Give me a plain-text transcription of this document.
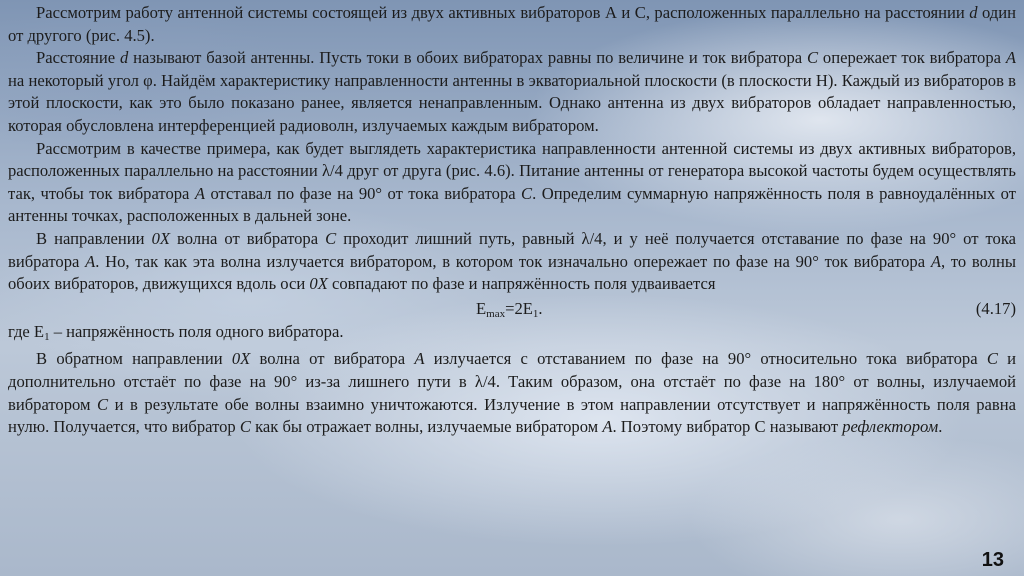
Рассмотрим работу антенной системы состоящей из двух активных вибраторов А и С, расположенных параллельно на расстоянии d один от другого (рис. 4.5).

Расстояние d называют базой антенны. Пусть токи в обоих вибраторах равны по величине и ток вибратора С опережает ток вибратора А на некоторый угол φ. Найдём характеристику направленности антенны в экваториальной плоскости (в плоскости Н). Каждый из вибраторов в этой плоскости, как это было показано ранее, является ненаправленным. Однако антенна из двух вибраторов обладает направленностью, которая обусловлена интерференцией радиоволн, излучаемых каждым вибратором.

Рассмотрим в качестве примера, как будет выглядеть характеристика направленности антенной системы из двух активных вибраторов, расположенных параллельно на расстоянии λ/4 друг от друга (рис. 4.6). Питание антенны от генератора высокой частоты будем осуществлять так, чтобы ток вибратора А отставал по фазе на 90° от тока вибратора С. Определим суммарную напряжённость поля в равноудалённых от антенны точках, расположенных в дальней зоне.

В направлении 0X волна от вибратора С проходит лишний путь, равный λ/4, и у неё получается отставание по фазе на 90° от тока вибратора А. Но, так как эта волна излучается вибратором, в котором ток изначально опережает по фазе на 90° ток вибратора А, то волны обоих вибраторов, движущихся вдоль оси 0X совпадают по фазе и напряжённость поля удваивается

$E_{max}=2E_1$.	(4.17)

где $E_1$ – напряжённость поля одного вибратора.

В обратном направлении 0X волна от вибратора А излучается с отставанием по фазе на 90° относительно тока вибратора С и дополнительно отстаёт по фазе на 90° из-за лишнего пути в λ/4. Таким образом, она отстаёт по фазе на 180° от волны, излучаемой вибратором С и в результате обе волны взаимно уничтожаются. Излучение в этом направлении отсутствует и напряжённость поля равна нулю. Получается, что вибратор С как бы отражает волны, излучаемые вибратором А. Поэтому вибратор С называют рефлектором.

13
